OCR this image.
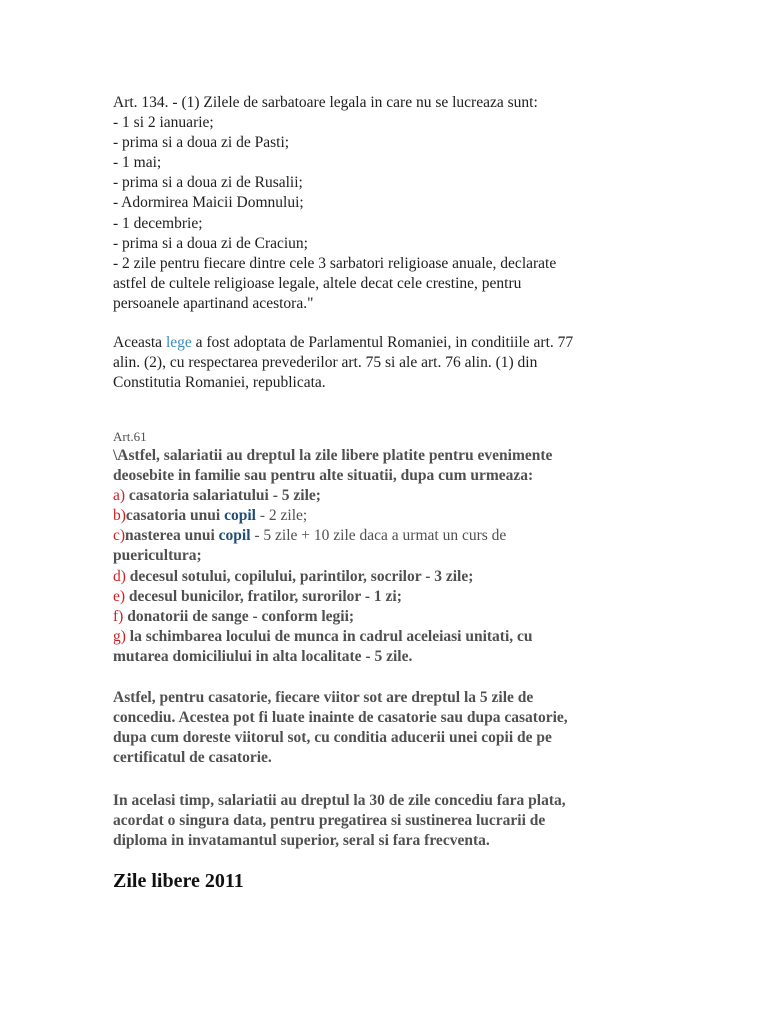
Art. 134. - (1) Zilele de sarbatoare legala in care nu se lucreaza sunt:
- 1 si 2 ianuarie;
- prima si a doua zi de Pasti;
- 1 mai;
- prima si a doua zi de Rusalii;
- Adormirea Maicii Domnului;
- 1 decembrie;
- prima si a doua zi de Craciun;
- 2 zile pentru fiecare dintre cele 3 sarbatori religioase anuale, declarate
astfel de cultele religioase legale, altele decat cele crestine, pentru
persoanele apartinand acestora."
Aceasta lege a fost adoptata de Parlamentul Romaniei, in conditiile art. 77
alin. (2), cu respectarea prevederilor art. 75 si ale art. 76 alin. (1) din
Constitutia Romaniei, republicata.
Art.61
\Astfel, salariatii au dreptul la zile libere platite pentru evenimente
deosebite in familie sau pentru alte situatii, dupa cum urmeaza:
a) casatoria salariatului - 5 zile;
b)casatoria unui copil - 2 zile;
c)nasterea unui copil - 5 zile + 10 zile daca a urmat un curs de
puericultura;
d) decesul sotului, copilului, parintilor, socrilor - 3 zile;
e) decesul bunicilor, fratilor, surorilor - 1 zi;
f) donatorii de sange - conform legii;
g) la schimbarea locului de munca in cadrul aceleiasi unitati, cu
mutarea domiciliului in alta localitate - 5 zile.
Astfel, pentru casatorie, fiecare viitor sot are dreptul la 5 zile de
concediu. Acestea pot fi luate inainte de casatorie sau dupa casatorie,
dupa cum doreste viitorul sot, cu conditia aducerii unei copii de pe
certificatul de casatorie.
In acelasi timp, salariatii au dreptul la 30 de zile concediu fara plata,
acordat o singura data, pentru pregatirea si sustinerea lucrarii de
diploma in invatamantul superior, seral si fara frecventa.
Zile libere 2011
